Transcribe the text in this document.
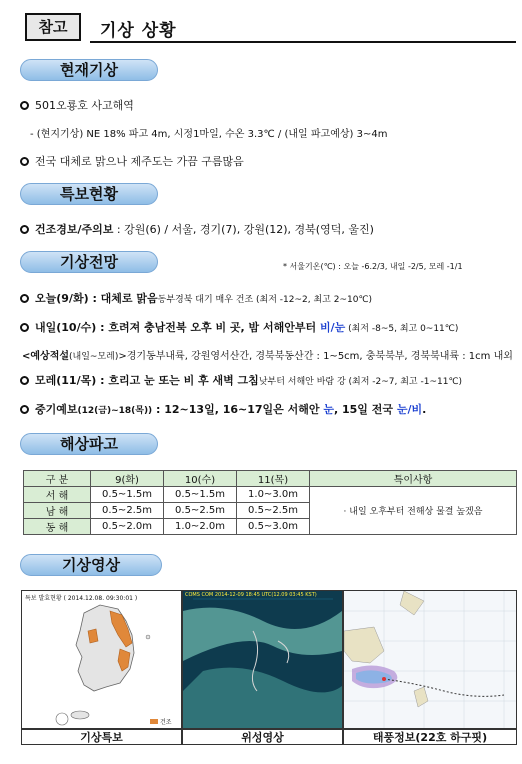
참고	기상 상황
현재기상
501오룡호 사고해역
- (현지기상) NE 18% 파고 4m, 시정1마일, 수온 3.3℃ / (내일 파고예상) 3~4m
전국 대체로 맑으나 제주도는 가끔 구름많음
특보현황
건조경보/주의보 : 강원(6) / 서울, 경기(7), 강원(12), 경북(영덕, 울진)
기상전망	* 서울기온(℃) : 오늘 -6.2/3, 내일 -2/5, 모레 -1/1
오늘(9/화) : 대체로 맑음동부경북 대기 매우 건조 (최저 -12~2, 최고 2~10℃)
내일(10/수) : 흐려져 충남전북 오후 비 곳, 밤 서해안부터 비/눈 (최저 -8~5, 최고 0~11℃)
<예상적설(내일~모레)>경기동부내륙, 강원영서산간, 경북북동산간 : 1~5cm, 충북북부, 경북북내륙 : 1cm 내외
모레(11/목) : 흐리고 눈 또는 비 후 새벽 그침낮부터 서해안 바람 강 (최저 -2~7, 최고 -1~11℃)
중기예보(12(금)~18(목)) : 12~13일, 16~17일은 서해안 눈, 15일 전국 눈/비.
해상파고
구 분	9(화)	10(수)	11(목)	특이사항
서 해	0.5~1.5m	0.5~1.5m	1.0~3.0m	· 내일 오후부터 전해상 물결 높겠음
남 해	0.5~2.5m	0.5~2.5m	0.5~2.5m	
동 해	0.5~2.0m	1.0~2.0m	0.5~3.0m	
기상영상
특보 발효현황 ( 2014.12.08. 09:30:01 )
건조
COMS COM 2014-12-09 18:45 UTC(12.09 03:45 KST)
기상특보	위성영상	태풍정보(22호 하구핏)
